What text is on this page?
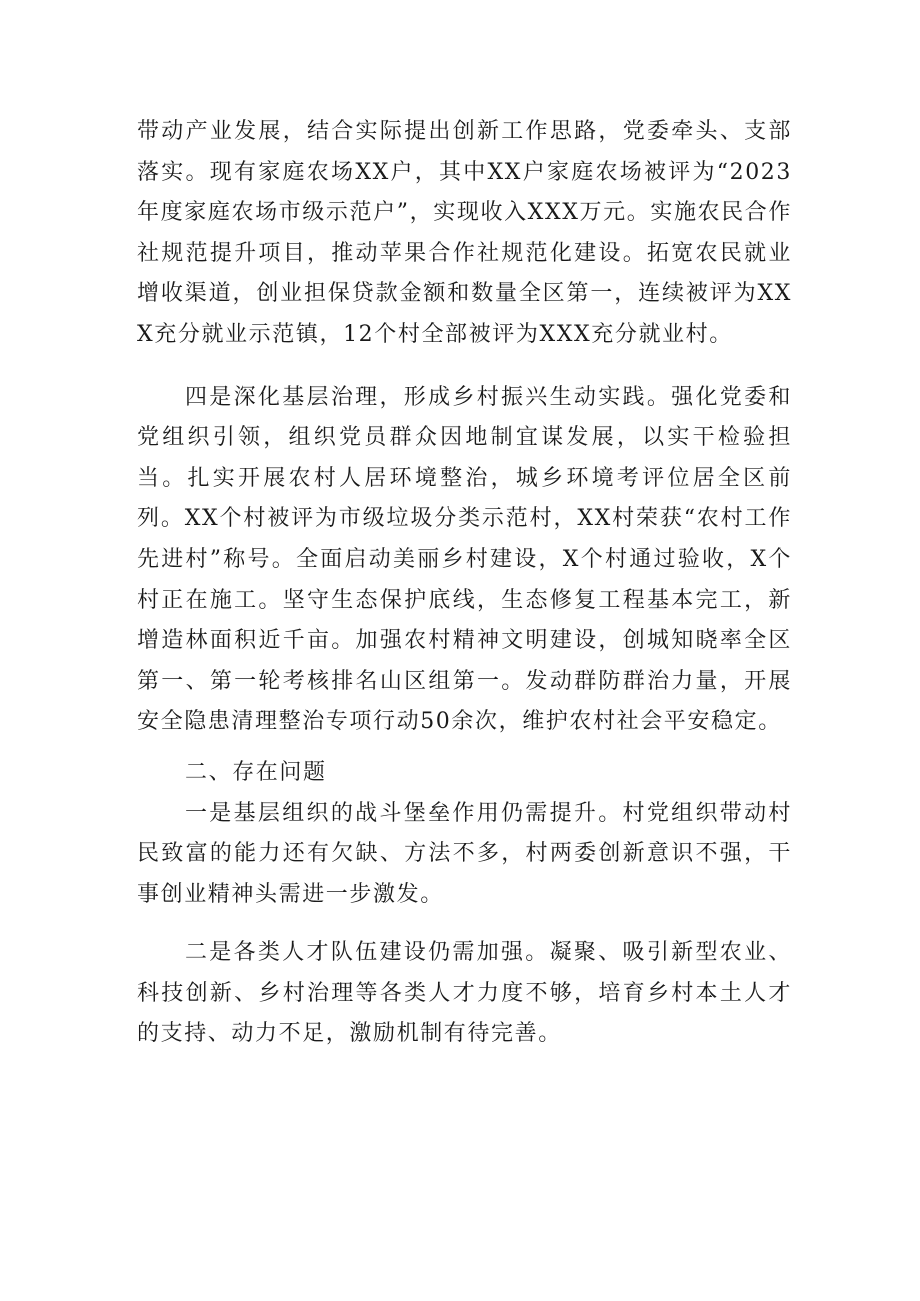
带动产业发展，结合实际提出创新工作思路，党委牵头、支部落实。现有家庭农场XX户，其中XX户家庭农场被评为“2023年度家庭农场市级示范户”，实现收入XXX万元。实施农民合作社规范提升项目，推动苹果合作社规范化建设。拓宽农民就业增收渠道，创业担保贷款金额和数量全区第一，连续被评为XXX充分就业示范镇，12个村全部被评为XXX充分就业村。

四是深化基层治理，形成乡村振兴生动实践。强化党委和党组织引领，组织党员群众因地制宜谋发展，以实干检验担当。扎实开展农村人居环境整治，城乡环境考评位居全区前列。XX个村被评为市级垃圾分类示范村，XX村荣获“农村工作先进村”称号。全面启动美丽乡村建设，X个村通过验收，X个村正在施工。坚守生态保护底线，生态修复工程基本完工，新增造林面积近千亩。加强农村精神文明建设，创城知晓率全区第一、第一轮考核排名山区组第一。发动群防群治力量，开展安全隐患清理整治专项行动50余次，维护农村社会平安稳定。

二、存在问题

一是基层组织的战斗堡垒作用仍需提升。村党组织带动村民致富的能力还有欠缺、方法不多，村两委创新意识不强，干事创业精神头需进一步激发。

二是各类人才队伍建设仍需加强。凝聚、吸引新型农业、科技创新、乡村治理等各类人才力度不够，培育乡村本土人才的支持、动力不足，激励机制有待完善。
